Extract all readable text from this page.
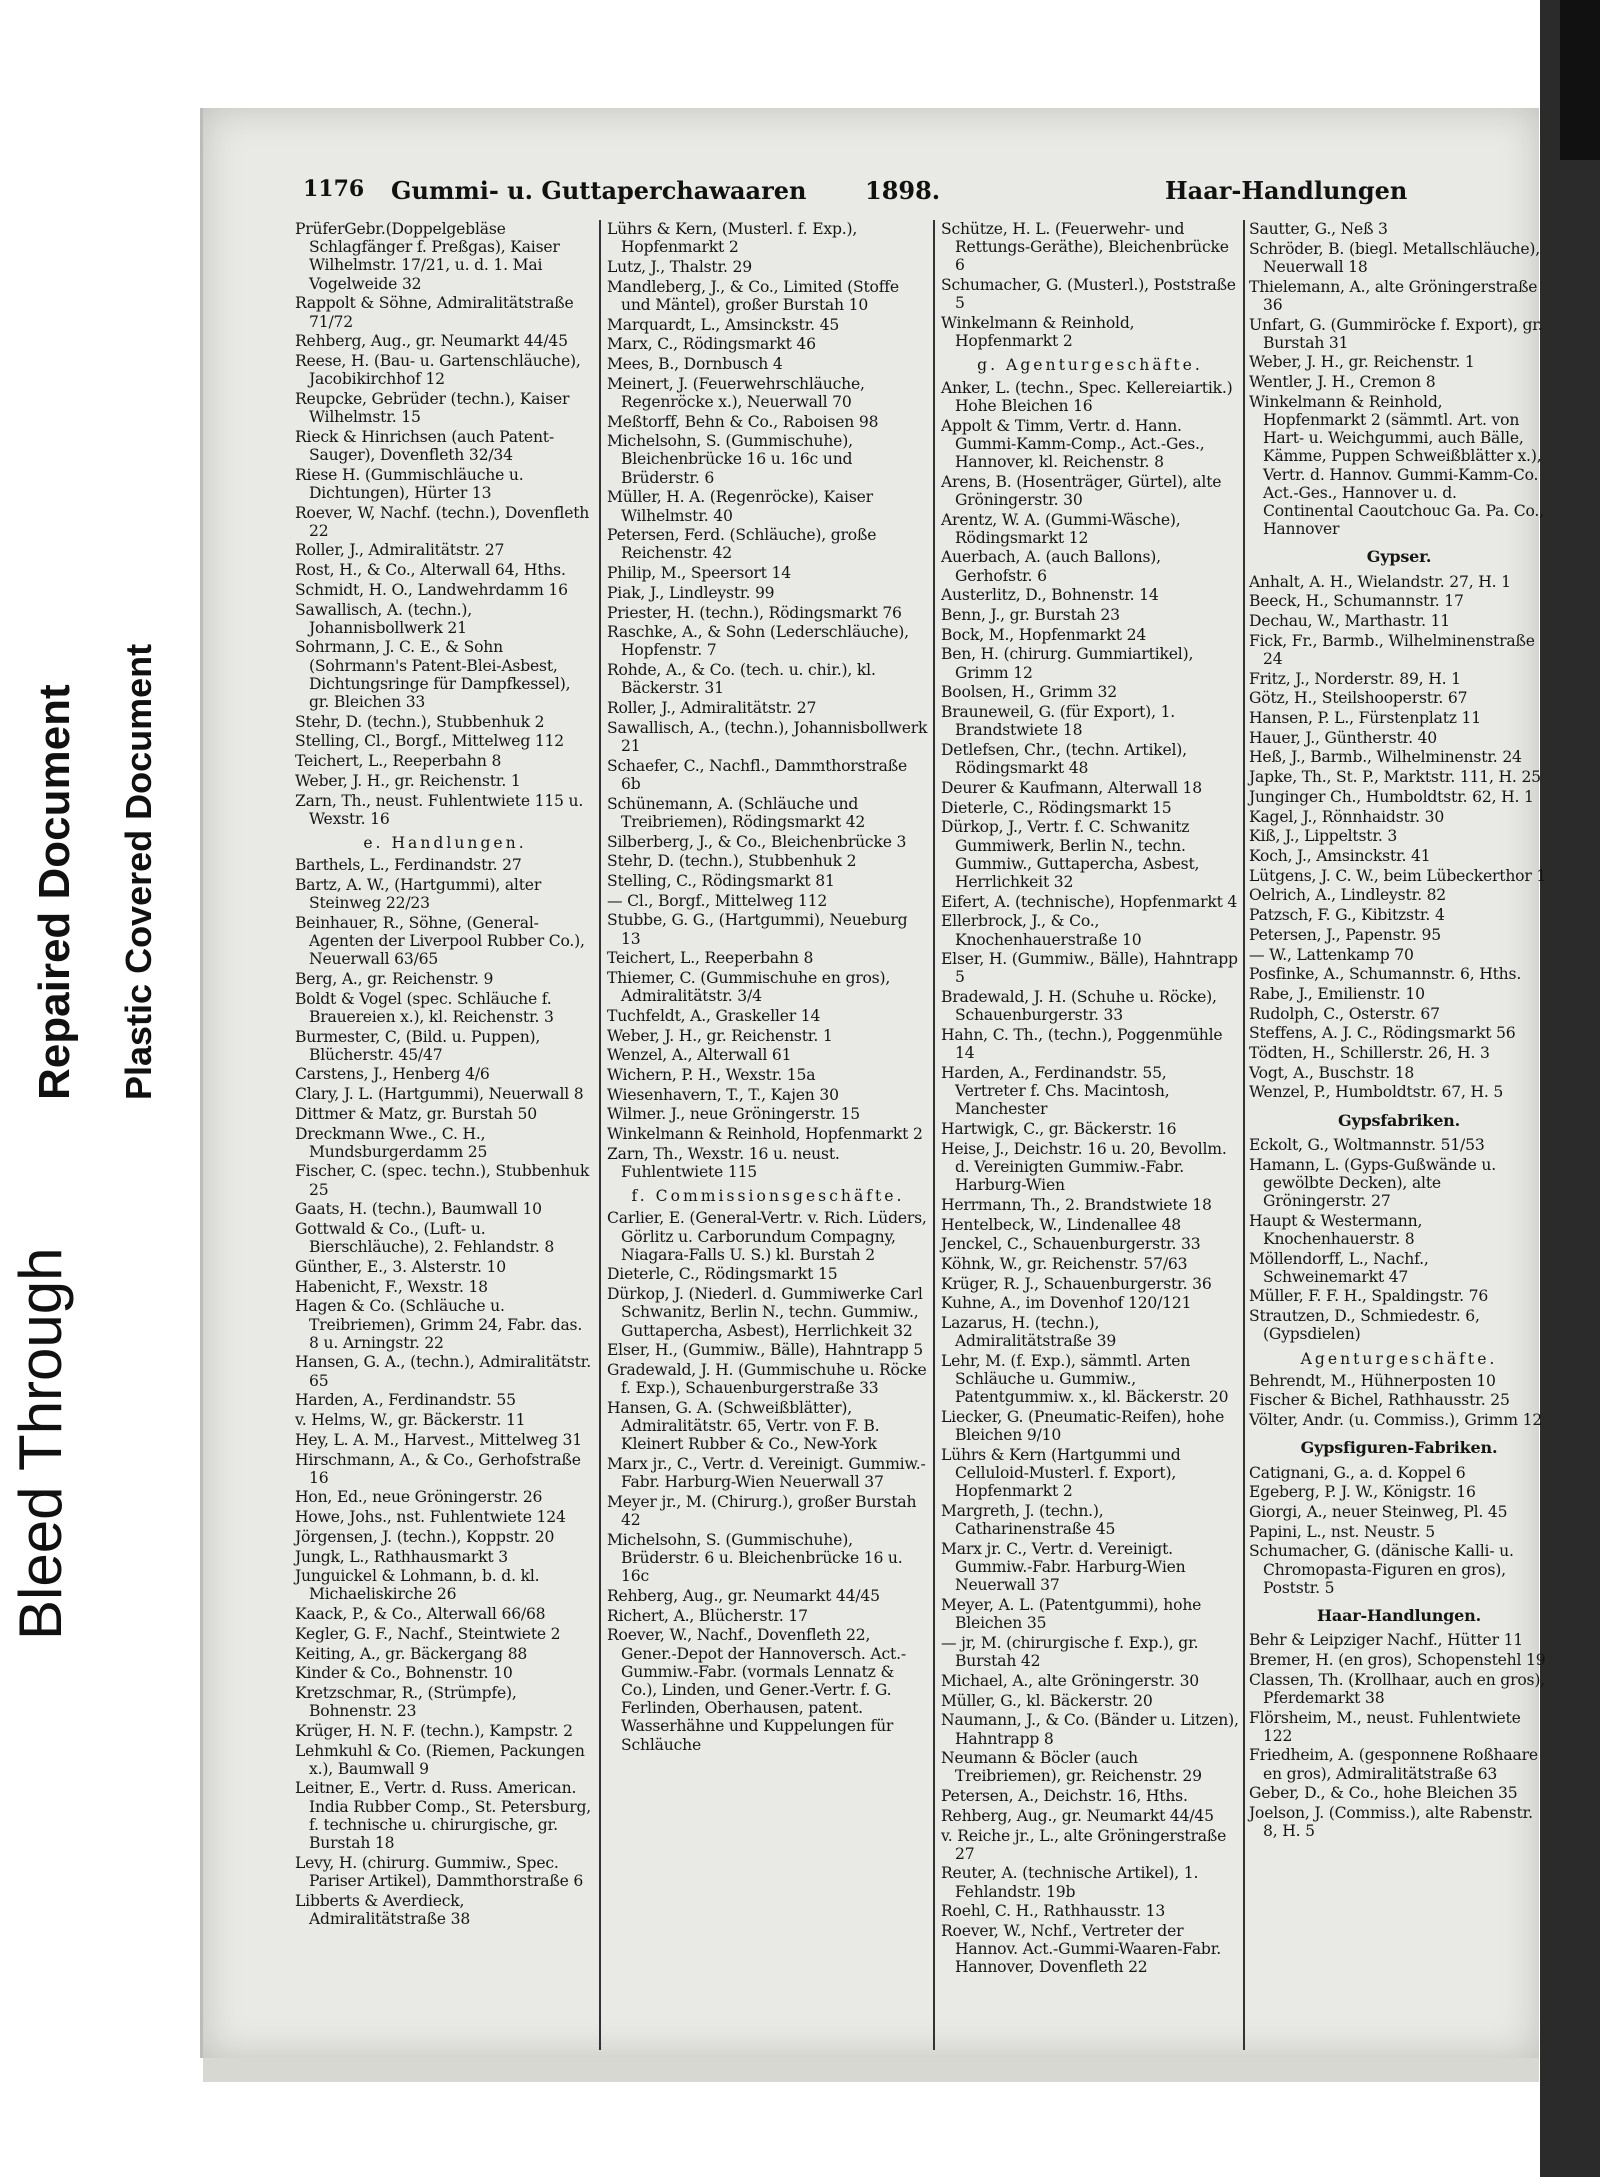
Bleed Through
Repaired Document Plastic Covered Document
1176 Gummi- u. Guttaperchawaaren 1898.	Haar-Handlungen
PrüferGebr.(Doppelgebläse Schlagfänger f. Preßgas), Kaiser Wilhelmstr. 17/21, u. d. 1. Mai Vogelweide 32
Rappolt & Söhne, Admiralitätstraße 71/72
Rehberg, Aug., gr. Neumarkt 44/45
Reese, H. (Bau- u. Gartenschläuche), Jacobikirchhof 12
Reupcke, Gebrüder (techn.), Kaiser Wilhelmstr. 15
Rieck & Hinrichsen (auch Patent-Sauger), Dovenfleth 32/34
Riese H. (Gummischläuche u. Dichtungen), Hürter 13
Roever, W, Nachf. (techn.), Dovenfleth 22
Roller, J., Admiralitätstr. 27
Rost, H., & Co., Alterwall 64, Hths.
Schmidt, H. O., Landwehrdamm 16
Sawallisch, A. (techn.), Johannisbollwerk 21
Sohrmann, J. C. E., & Sohn (Sohrmann's Patent-Blei-Asbest, Dichtungsringe für Dampfkessel), gr. Bleichen 33
Stehr, D. (techn.), Stubbenhuk 2
Stelling, Cl., Borgf., Mittelweg 112
Teichert, L., Reeperbahn 8
Weber, J. H., gr. Reichenstr. 1
Zarn, Th., neust. Fuhlentwiete 115 u. Wexstr. 16
e. Handlungen.
Barthels, L., Ferdinandstr. 27
Bartz, A. W., (Hartgummi), alter Steinweg 22/23
Beinhauer, R., Söhne, (General-Agenten der Liverpool Rubber Co.), Neuerwall 63/65
Berg, A., gr. Reichenstr. 9
Boldt & Vogel (spec. Schläuche f. Brauereien x.), kl. Reichenstr. 3
Burmester, C, (Bild. u. Puppen), Blücherstr. 45/47
Carstens, J., Henberg 4/6
Clary, J. L. (Hartgummi), Neuerwall 8
Dittmer & Matz, gr. Burstah 50
Dreckmann Wwe., C. H., Mundsburgerdamm 25
Fischer, C. (spec. techn.), Stubbenhuk 25
Gaats, H. (techn.), Baumwall 10
Gottwald & Co., (Luft- u. Bierschläuche), 2. Fehlandstr. 8
Günther, E., 3. Alsterstr. 10
Habenicht, F., Wexstr. 18
Hagen & Co. (Schläuche u. Treibriemen), Grimm 24, Fabr. das. 8 u. Arningstr. 22
Hansen, G. A., (techn.), Admiralitätstr. 65
Harden, A., Ferdinandstr. 55
v. Helms, W., gr. Bäckerstr. 11
Hey, L. A. M., Harvest., Mittelweg 31
Hirschmann, A., & Co., Gerhofstraße 16
Hon, Ed., neue Gröningerstr. 26
Howe, Johs., nst. Fuhlentwiete 124
Jörgensen, J. (techn.), Koppstr. 20
Jungk, L., Rathhausmarkt 3
Junguickel & Lohmann, b. d. kl. Michaeliskirche 26
Kaack, P., & Co., Alterwall 66/68
Kegler, G. F., Nachf., Steintwiete 2
Keiting, A., gr. Bäckergang 88
Kinder & Co., Bohnenstr. 10
Kretzschmar, R., (Strümpfe), Bohnenstr. 23
Krüger, H. N. F. (techn.), Kampstr. 2
Lehmkuhl & Co. (Riemen, Packungen x.), Baumwall 9
Leitner, E., Vertr. d. Russ. American. India Rubber Comp., St. Petersburg, f. technische u. chirurgische, gr. Burstah 18
Levy, H. (chirurg. Gummiw., Spec. Pariser Artikel), Dammthorstraße 6
Libberts & Averdieck, Admiralitätstraße 38
Lührs & Kern, (Musterl. f. Exp.), Hopfenmarkt 2
Lutz, J., Thalstr. 29
Mandleberg, J., & Co., Limited (Stoffe und Mäntel), großer Burstah 10
Marquardt, L., Amsinckstr. 45
Marx, C., Rödingsmarkt 46
Mees, B., Dornbusch 4
Meinert, J. (Feuerwehrschläuche, Regenröcke x.), Neuerwall 70
Meßtorff, Behn & Co., Raboisen 98
Michelsohn, S. (Gummischuhe), Bleichenbrücke 16 u. 16c und Brüderstr. 6
Müller, H. A. (Regenröcke), Kaiser Wilhelmstr. 40
Petersen, Ferd. (Schläuche), große Reichenstr. 42
Philip, M., Speersort 14
Piak, J., Lindleystr. 99
Priester, H. (techn.), Rödingsmarkt 76
Raschke, A., & Sohn (Lederschläuche), Hopfenstr. 7
Rohde, A., & Co. (tech. u. chir.), kl. Bäckerstr. 31
Roller, J., Admiralitätstr. 27
Sawallisch, A., (techn.), Johannisbollwerk 21
Schaefer, C., Nachfl., Dammthorstraße 6b
Schünemann, A. (Schläuche und Treibriemen), Rödingsmarkt 42
Silberberg, J., & Co., Bleichenbrücke 3
Stehr, D. (techn.), Stubbenhuk 2
Stelling, C., Rödingsmarkt 81
— Cl., Borgf., Mittelweg 112
Stubbe, G. G., (Hartgummi), Neueburg 13
Teichert, L., Reeperbahn 8
Thiemer, C. (Gummischuhe en gros), Admiralitätstr. 3/4
Tuchfeldt, A., Graskeller 14
Weber, J. H., gr. Reichenstr. 1
Wenzel, A., Alterwall 61
Wichern, P. H., Wexstr. 15a
Wiesenhavern, T., T., Kajen 30
Wilmer. J., neue Gröningerstr. 15
Winkelmann & Reinhold, Hopfenmarkt 2
Zarn, Th., Wexstr. 16 u. neust. Fuhlentwiete 115
f. Commissionsgeschäfte.
Carlier, E. (General-Vertr. v. Rich. Lüders, Görlitz u. Carborundum Compagny, Niagara-Falls U. S.) kl. Burstah 2
Dieterle, C., Rödingsmarkt 15
Dürkop, J. (Niederl. d. Gummiwerke Carl Schwanitz, Berlin N., techn. Gummiw., Guttapercha, Asbest), Herrlichkeit 32
Elser, H., (Gummiw., Bälle), Hahntrapp 5
Gradewald, J. H. (Gummischuhe u. Röcke f. Exp.), Schauenburgerstraße 33
Hansen, G. A. (Schweißblätter), Admiralitätstr. 65, Vertr. von F. B. Kleinert Rubber & Co., New-York
Marx jr., C., Vertr. d. Vereinigt. Gummiw.-Fabr. Harburg-Wien Neuerwall 37
Meyer jr., M. (Chirurg.), großer Burstah 42
Michelsohn, S. (Gummischuhe), Brüderstr. 6 u. Bleichenbrücke 16 u. 16c
Rehberg, Aug., gr. Neumarkt 44/45
Richert, A., Blücherstr. 17
Roever, W., Nachf., Dovenfleth 22, Gener.-Depot der Hannoversch. Act.-Gummiw.-Fabr. (vormals Lennatz & Co.), Linden, und Gener.-Vertr. f. G. Ferlinden, Oberhausen, patent. Wasserhähne und Kuppelungen für Schläuche
Schütze, H. L. (Feuerwehr- und Rettungs-Geräthe), Bleichenbrücke 6
Schumacher, G. (Musterl.), Poststraße 5
Winkelmann & Reinhold, Hopfenmarkt 2
g. Agenturgeschäfte.
Anker, L. (techn., Spec. Kellereiartik.) Hohe Bleichen 16
Appolt & Timm, Vertr. d. Hann. Gummi-Kamm-Comp., Act.-Ges., Hannover, kl. Reichenstr. 8
Arens, B. (Hosenträger, Gürtel), alte Gröningerstr. 30
Arentz, W. A. (Gummi-Wäsche), Rödingsmarkt 12
Auerbach, A. (auch Ballons), Gerhofstr. 6
Austerlitz, D., Bohnenstr. 14
Benn, J., gr. Burstah 23
Bock, M., Hopfenmarkt 24
Ben, H. (chirurg. Gummiartikel), Grimm 12
Boolsen, H., Grimm 32
Brauneweil, G. (für Export), 1. Brandstwiete 18
Detlefsen, Chr., (techn. Artikel), Rödingsmarkt 48
Deurer & Kaufmann, Alterwall 18
Dieterle, C., Rödingsmarkt 15
Dürkop, J., Vertr. f. C. Schwanitz Gummiwerk, Berlin N., techn. Gummiw., Guttapercha, Asbest, Herrlichkeit 32
Eifert, A. (technische), Hopfenmarkt 4
Ellerbrock, J., & Co., Knochenhauerstraße 10
Elser, H. (Gummiw., Bälle), Hahntrapp 5
Bradewald, J. H. (Schuhe u. Röcke), Schauenburgerstr. 33
Hahn, C. Th., (techn.), Poggenmühle 14
Harden, A., Ferdinandstr. 55, Vertreter f. Chs. Macintosh, Manchester
Hartwigk, C., gr. Bäckerstr. 16
Heise, J., Deichstr. 16 u. 20, Bevollm. d. Vereinigten Gummiw.-Fabr. Harburg-Wien
Herrmann, Th., 2. Brandstwiete 18
Hentelbeck, W., Lindenallee 48
Jenckel, C., Schauenburgerstr. 33
Köhnk, W., gr. Reichenstr. 57/63
Krüger, R. J., Schauenburgerstr. 36
Kuhne, A., im Dovenhof 120/121
Lazarus, H. (techn.), Admiralitätstraße 39
Lehr, M. (f. Exp.), sämmtl. Arten Schläuche u. Gummiw., Patentgummiw. x., kl. Bäckerstr. 20
Liecker, G. (Pneumatic-Reifen), hohe Bleichen 9/10
Lührs & Kern (Hartgummi und Celluloid-Musterl. f. Export), Hopfenmarkt 2
Margreth, J. (techn.), Catharinenstraße 45
Marx jr. C., Vertr. d. Vereinigt. Gummiw.-Fabr. Harburg-Wien Neuerwall 37
Meyer, A. L. (Patentgummi), hohe Bleichen 35
— jr, M. (chirurgische f. Exp.), gr. Burstah 42
Michael, A., alte Gröningerstr. 30
Müller, G., kl. Bäckerstr. 20
Naumann, J., & Co. (Bänder u. Litzen), Hahntrapp 8
Neumann & Böcler (auch Treibriemen), gr. Reichenstr. 29
Petersen, A., Deichstr. 16, Hths.
Rehberg, Aug., gr. Neumarkt 44/45
v. Reiche jr., L., alte Gröningerstraße 27
Reuter, A. (technische Artikel), 1. Fehlandstr. 19b
Roehl, C. H., Rathhausstr. 13
Roever, W., Nchf., Vertreter der Hannov. Act.-Gummi-Waaren-Fabr. Hannover, Dovenfleth 22
Sautter, G., Neß 3
Schröder, B. (biegl. Metallschläuche), Neuerwall 18
Thielemann, A., alte Gröningerstraße 36
Unfart, G. (Gummiröcke f. Export), gr. Burstah 31
Weber, J. H., gr. Reichenstr. 1
Wentler, J. H., Cremon 8
Winkelmann & Reinhold, Hopfenmarkt 2 (sämmtl. Art. von Hart- u. Weichgummi, auch Bälle, Kämme, Puppen Schweißblätter x.), Vertr. d. Hannov. Gummi-Kamm-Co. Act.-Ges., Hannover u. d. Continental Caoutchouc Ga. Pa. Co., Hannover
Gypser.
Anhalt, A. H., Wielandstr. 27, H. 1
Beeck, H., Schumannstr. 17
Dechau, W., Marthastr. 11
Fick, Fr., Barmb., Wilhelminenstraße 24
Fritz, J., Norderstr. 89, H. 1
Götz, H., Steilshooperstr. 67
Hansen, P. L., Fürstenplatz 11
Hauer, J., Güntherstr. 40
Heß, J., Barmb., Wilhelminenstr. 24
Japke, Th., St. P., Marktstr. 111, H. 25
Junginger Ch., Humboldtstr. 62, H. 1
Kagel, J., Rönnhaidstr. 30
Kiß, J., Lippeltstr. 3
Koch, J., Amsinckstr. 41
Lütgens, J. C. W., beim Lübeckerthor 1
Oelrich, A., Lindleystr. 82
Patzsch, F. G., Kibitzstr. 4
Petersen, J., Papenstr. 95
— W., Lattenkamp 70
Posfinke, A., Schumannstr. 6, Hths.
Rabe, J., Emilienstr. 10
Rudolph, C., Osterstr. 67
Steffens, A. J. C., Rödingsmarkt 56
Tödten, H., Schillerstr. 26, H. 3
Vogt, A., Buschstr. 18
Wenzel, P., Humboldtstr. 67, H. 5
Gypsfabriken.
Eckolt, G., Woltmannstr. 51/53
Hamann, L. (Gyps-Gußwände u. gewölbte Decken), alte Gröningerstr. 27
Haupt & Westermann, Knochenhauerstr. 8
Möllendorff, L., Nachf., Schweinemarkt 47
Müller, F. F. H., Spaldingstr. 76
Strautzen, D., Schmiedestr. 6, (Gypsdielen)
Agenturgeschäfte.
Behrendt, M., Hühnerposten 10
Fischer & Bichel, Rathhausstr. 25
Völter, Andr. (u. Commiss.), Grimm 12
Gypsfiguren-Fabriken.
Catignani, G., a. d. Koppel 6
Egeberg, P. J. W., Königstr. 16
Giorgi, A., neuer Steinweg, Pl. 45
Papini, L., nst. Neustr. 5
Schumacher, G. (dänische Kalli- u. Chromopasta-Figuren en gros), Poststr. 5
Haar-Handlungen.
Behr & Leipziger Nachf., Hütter 11
Bremer, H. (en gros), Schopenstehl 19
Classen, Th. (Krollhaar, auch en gros), Pferdemarkt 38
Flörsheim, M., neust. Fuhlentwiete 122
Friedheim, A. (gesponnene Roßhaare en gros), Admiralitätstraße 63
Geber, D., & Co., hohe Bleichen 35
Joelson, J. (Commiss.), alte Rabenstr. 8, H. 5
